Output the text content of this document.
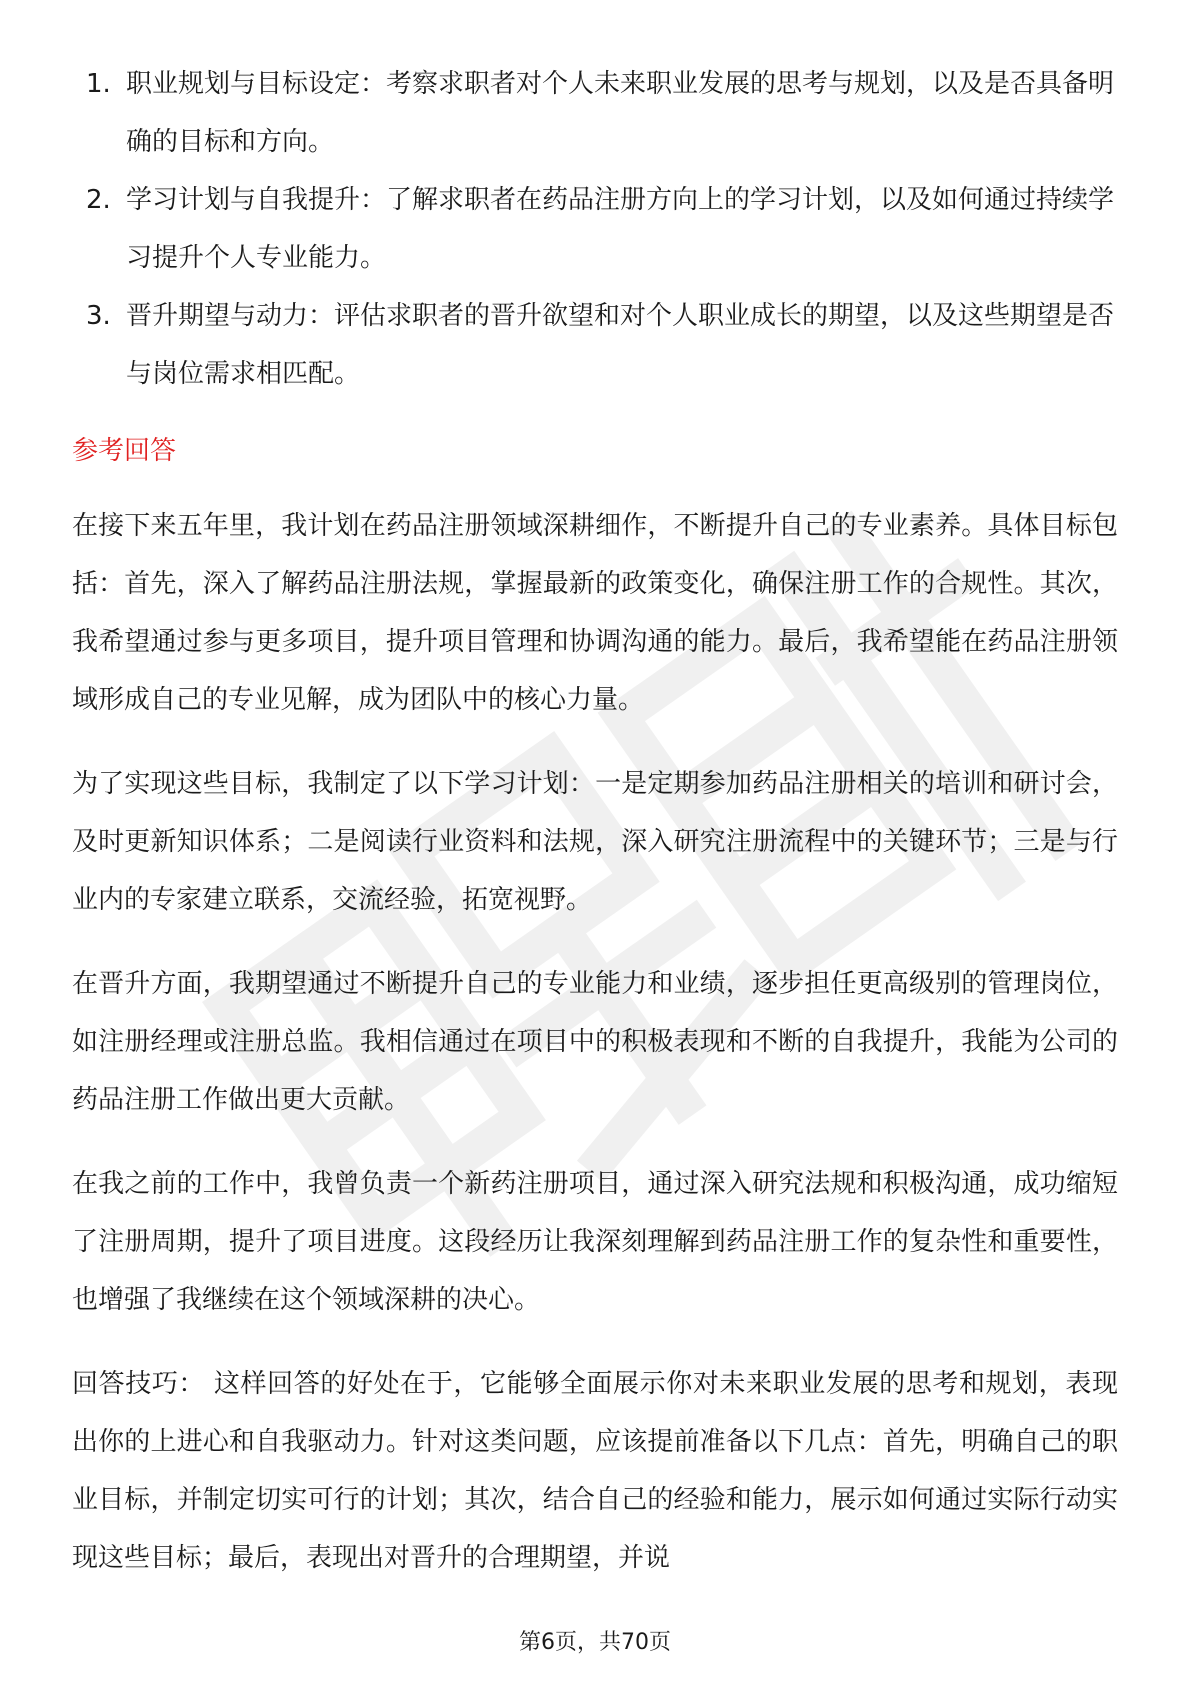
1. 职业规划与目标设定：考察求职者对个人未来职业发展的思考与规划，以及是否具备明确的目标和方向。
2. 学习计划与自我提升：了解求职者在药品注册方向上的学习计划，以及如何通过持续学习提升个人专业能力。
3. 晋升期望与动力：评估求职者的晋升欲望和对个人职业成长的期望，以及这些期望是否与岗位需求相匹配。
参考回答

在接下来五年里，我计划在药品注册领域深耕细作，不断提升自己的专业素养。具体目标包括：首先，深入了解药品注册法规，掌握最新的政策变化，确保注册工作的合规性。其次，我希望通过参与更多项目，提升项目管理和协调沟通的能力。最后，我希望能在药品注册领域形成自己的专业见解，成为团队中的核心力量。

为了实现这些目标，我制定了以下学习计划：一是定期参加药品注册相关的培训和研讨会，及时更新知识体系；二是阅读行业资料和法规，深入研究注册流程中的关键环节；三是与行业内的专家建立联系，交流经验，拓宽视野。

在晋升方面，我期望通过不断提升自己的专业能力和业绩，逐步担任更高级别的管理岗位，如注册经理或注册总监。我相信通过在项目中的积极表现和不断的自我提升，我能为公司的药品注册工作做出更大贡献。

在我之前的工作中，我曾负责一个新药注册项目，通过深入研究法规和积极沟通，成功缩短了注册周期，提升了项目进度。这段经历让我深刻理解到药品注册工作的复杂性和重要性，也增强了我继续在这个领域深耕的决心。

回答技巧： 这样回答的好处在于，它能够全面展示你对未来职业发展的思考和规划，表现出你的上进心和自我驱动力。针对这类问题，应该提前准备以下几点：首先，明确自己的职业目标，并制定切实可行的计划；其次，结合自己的经验和能力，展示如何通过实际行动实现这些目标；最后，表现出对晋升的合理期望，并说

第6页，共70页
